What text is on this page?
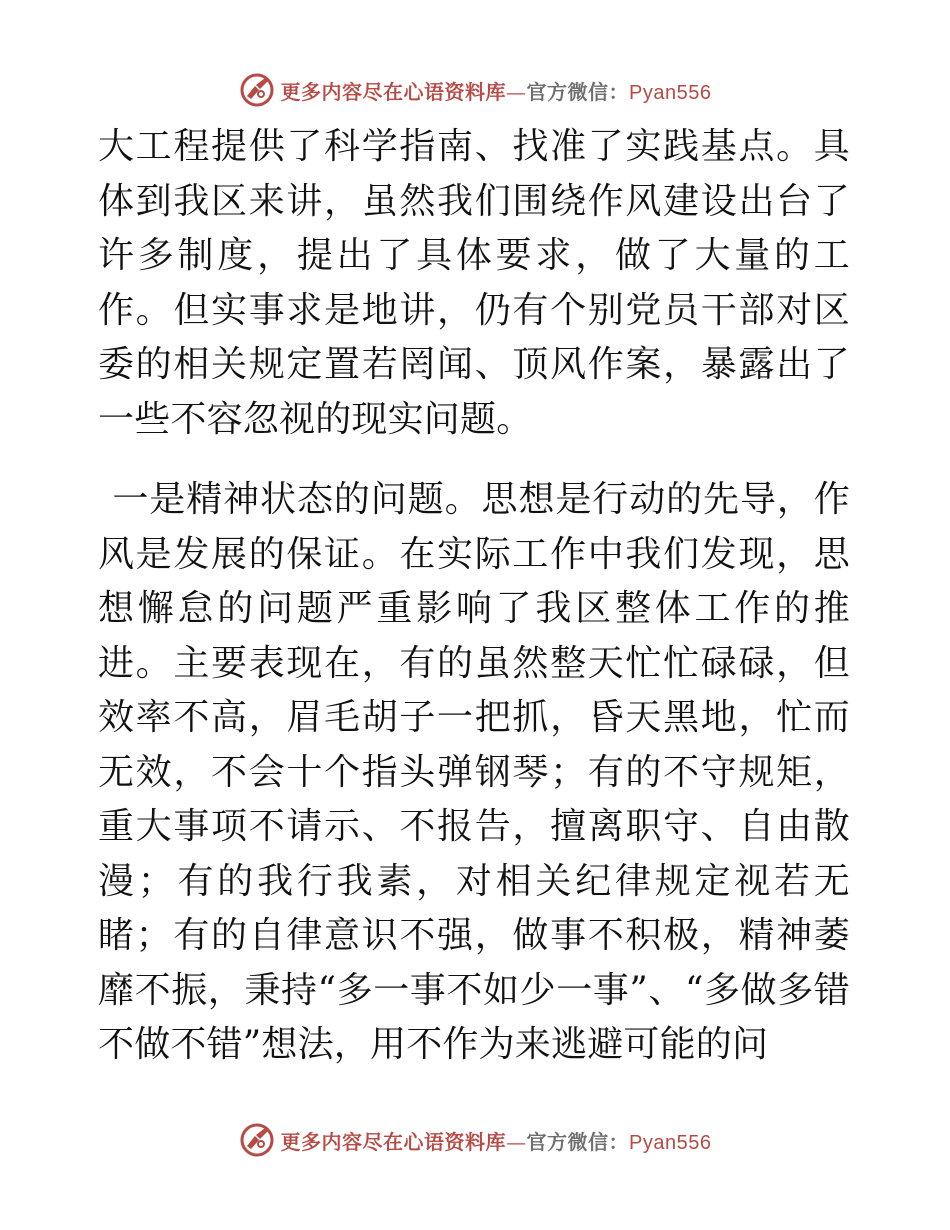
更多内容尽在心语资料库—官方微信：Pyan556

大工程提供了科学指南、找准了实践基点。具体到我区来讲，虽然我们围绕作风建设出台了许多制度，提出了具体要求，做了大量的工作。但实事求是地讲，仍有个别党员干部对区委的相关规定置若罔闻、顶风作案，暴露出了一些不容忽视的现实问题。

一是精神状态的问题。思想是行动的先导，作风是发展的保证。在实际工作中我们发现，思想懈怠的问题严重影响了我区整体工作的推进。主要表现在，有的虽然整天忙忙碌碌，但效率不高，眉毛胡子一把抓，昏天黑地，忙而无效，不会十个指头弹钢琴；有的不守规矩，重大事项不请示、不报告，擅离职守、自由散漫；有的我行我素，对相关纪律规定视若无睹；有的自律意识不强，做事不积极，精神萎靡不振，秉持“多一事不如少一事”、“多做多错不做不错”想法，用不作为来逃避可能的问

更多内容尽在心语资料库—官方微信：Pyan556
